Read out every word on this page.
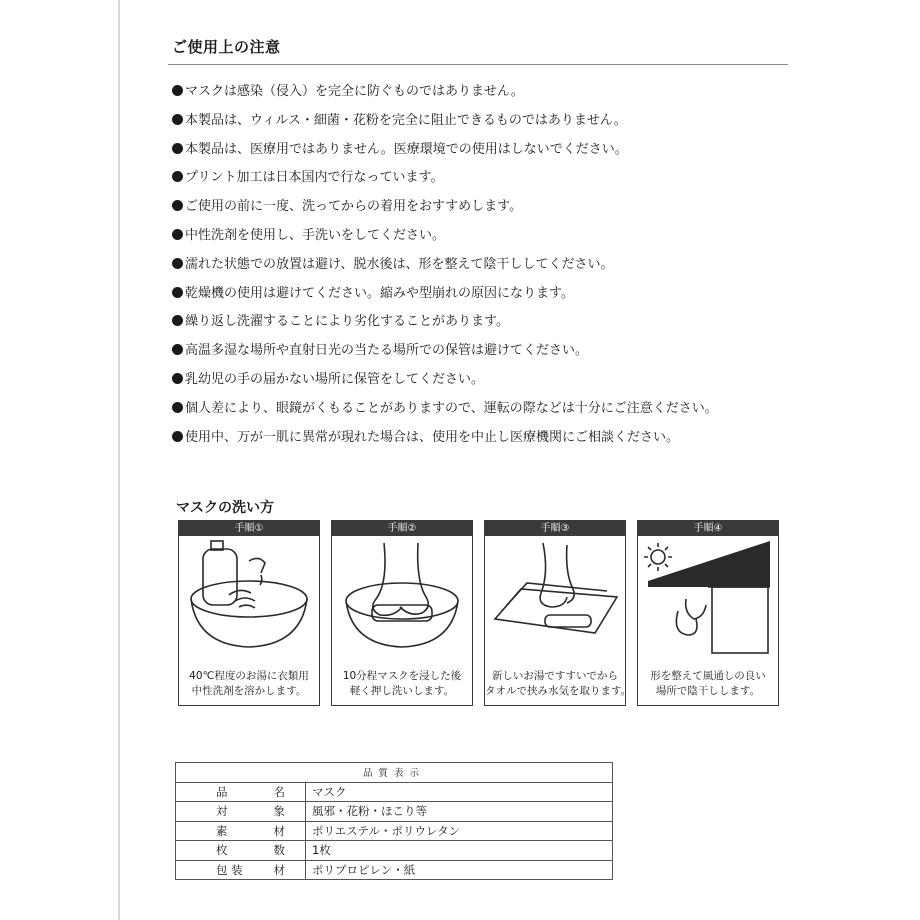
ご使用上の注意
マスクは感染（侵入）を完全に防ぐものではありません。
本製品は、ウィルス・細菌・花粉を完全に阻止できるものではありません。
本製品は、医療用ではありません。医療環境での使用はしないでください。
プリント加工は日本国内で行なっています。
ご使用の前に一度、洗ってからの着用をおすすめします。
中性洗剤を使用し、手洗いをしてください。
濡れた状態での放置は避け、脱水後は、形を整えて陰干ししてください。
乾燥機の使用は避けてください。縮みや型崩れの原因になります。
繰り返し洗濯することにより劣化することがあります。
高温多湿な場所や直射日光の当たる場所での保管は避けてください。
乳幼児の手の届かない場所に保管をしてください。
個人差により、眼鏡がくもることがありますので、運転の際などは十分にご注意ください。
使用中、万が一肌に異常が現れた場合は、使用を中止し医療機関にご相談ください。
マスクの洗い方
手順①
40℃程度のお湯に衣類用
中性洗剤を溶かします。
手順②
10分程マスクを浸した後
軽く押し洗いします。
手順③
新しいお湯ですすいでから
タオルで挟み水気を取ります。
手順④
形を整えて風通しの良い
場所で陰干しします。
品質表示	

品 名	マスク

対 象	風邪・花粉・ほこり等

素 材	ポリエステル・ポリウレタン

枚 数	1枚

包 装 材	ポリプロピレン・紙
